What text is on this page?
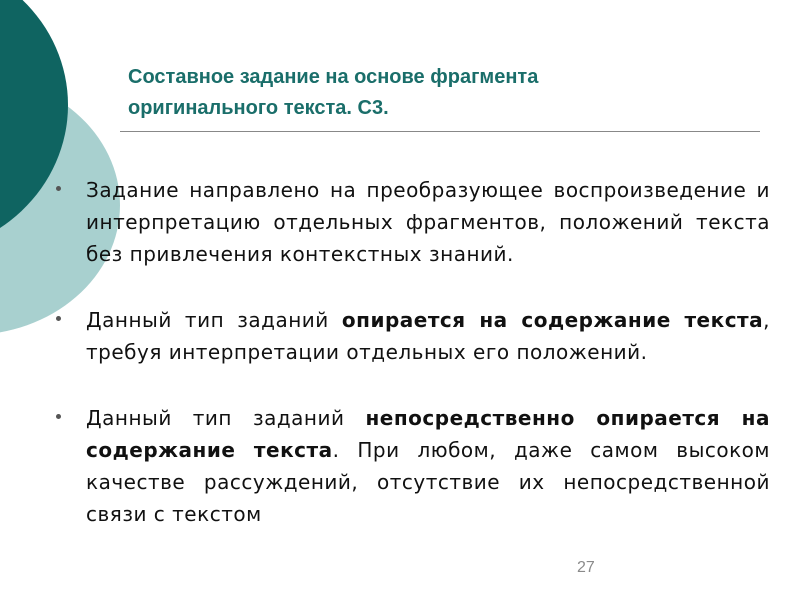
Составное задание на основе фрагмента
оригинального текста. С3.
Задание направлено на преобразующее воспроизведение и интерпретацию отдельных фрагментов, положений текста без привлечения контекстных знаний.
Данный тип заданий опирается на содержание текста, требуя интерпретации отдельных его положений.
Данный тип заданий непосредственно опирается на содержание текста. При любом, даже самом высоком качестве рассуждений, отсутствие их непосредственной связи с текстом
27
